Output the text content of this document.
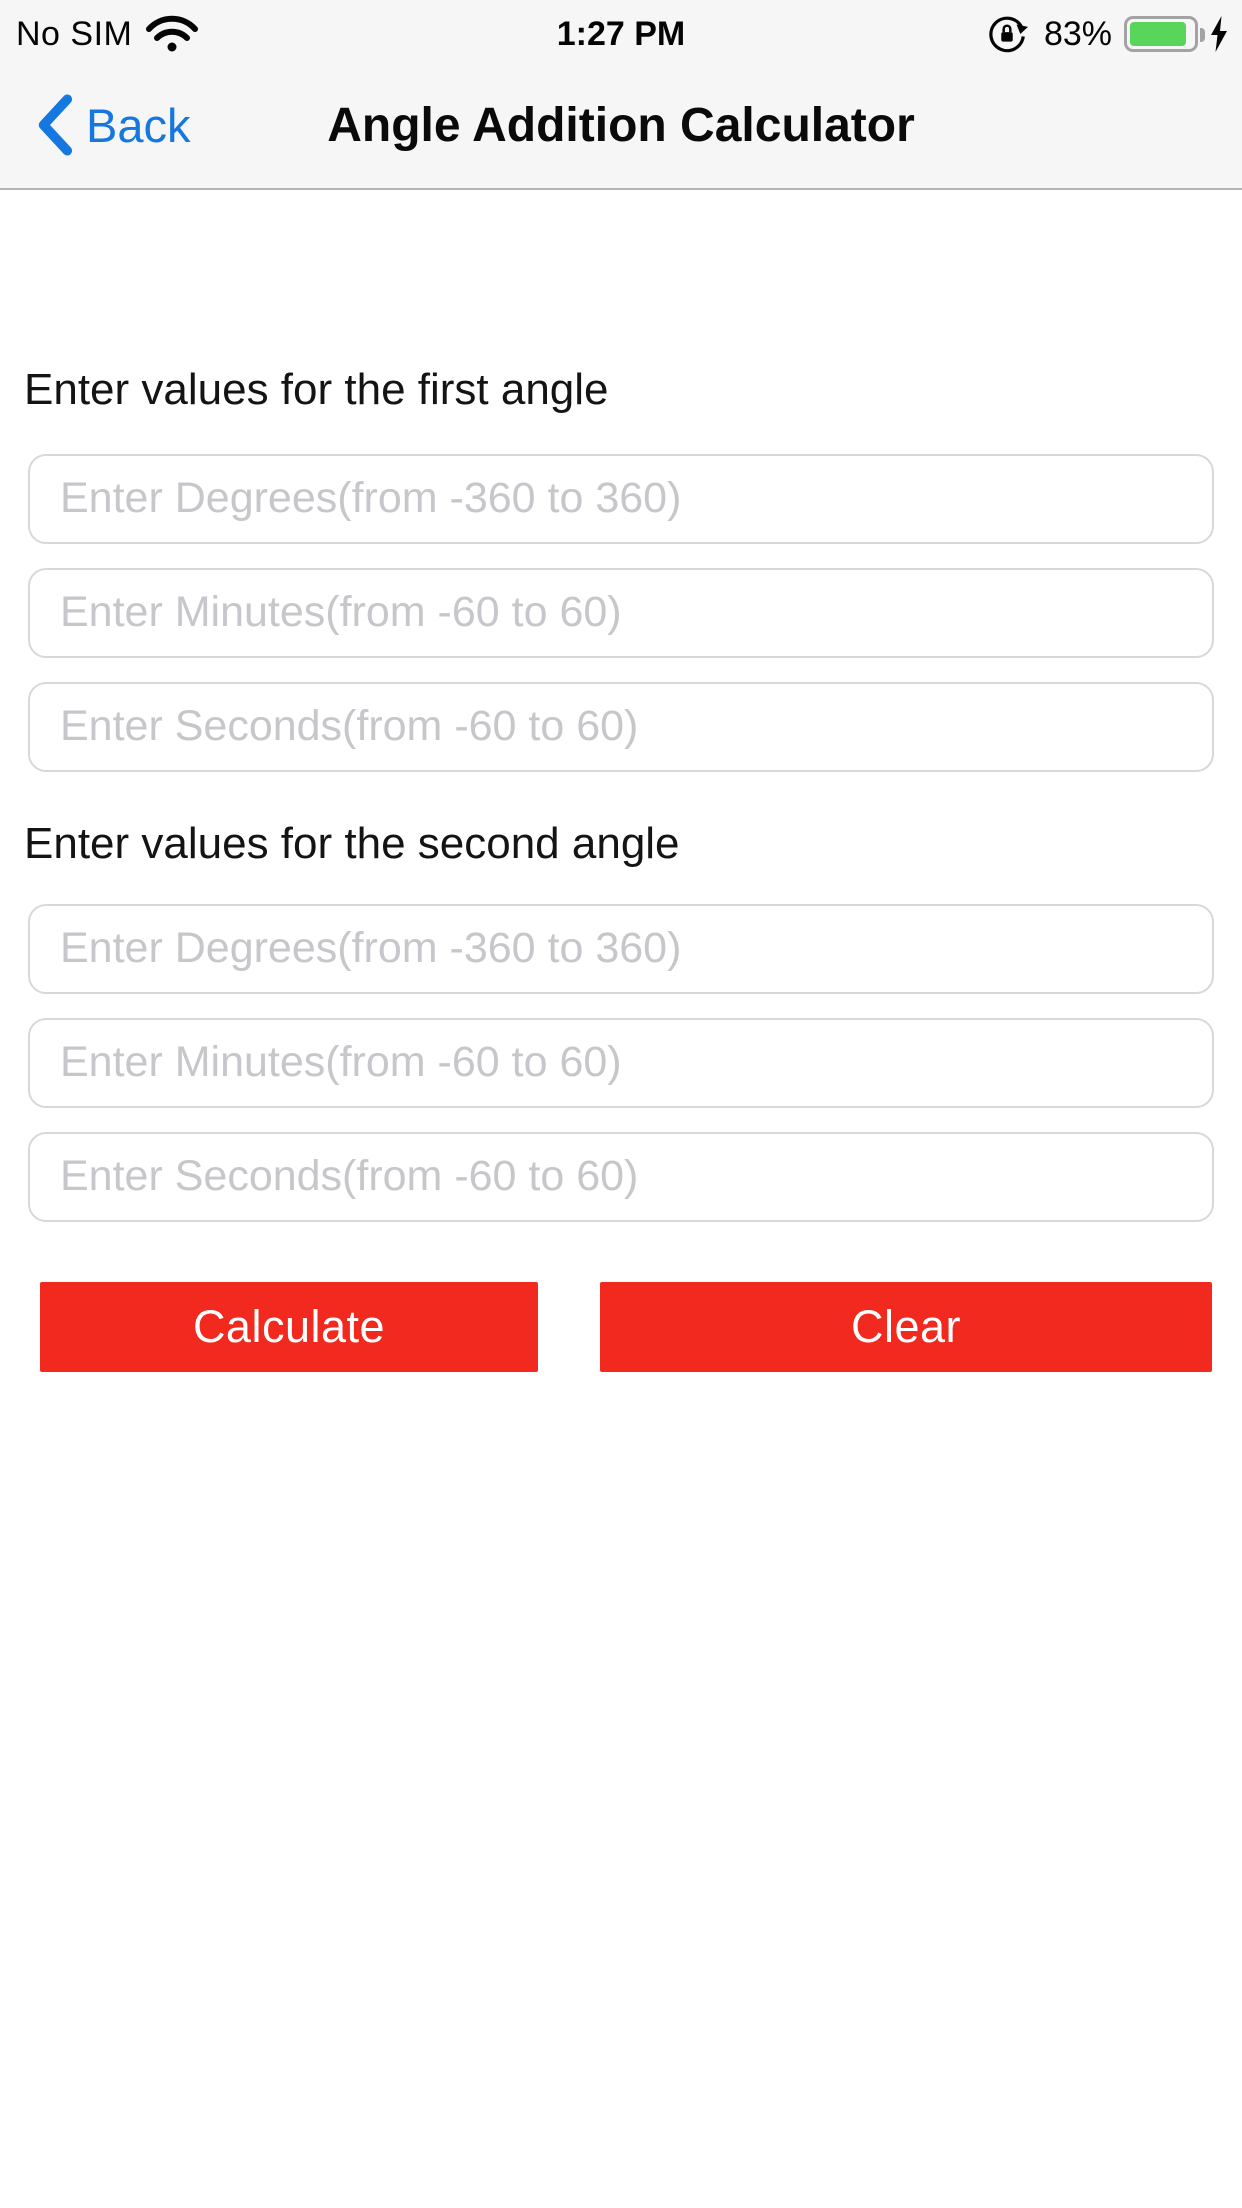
No SIM	1:27 PM	83%
Back	Angle Addition Calculator
Enter values for the first angle
Enter Degrees(from -360 to 360)
Enter Minutes(from -60 to 60)
Enter Seconds(from -60 to 60)
Enter values for the second angle
Enter Degrees(from -360 to 360)
Enter Minutes(from -60 to 60)
Enter Seconds(from -60 to 60)
Calculate	Clear
